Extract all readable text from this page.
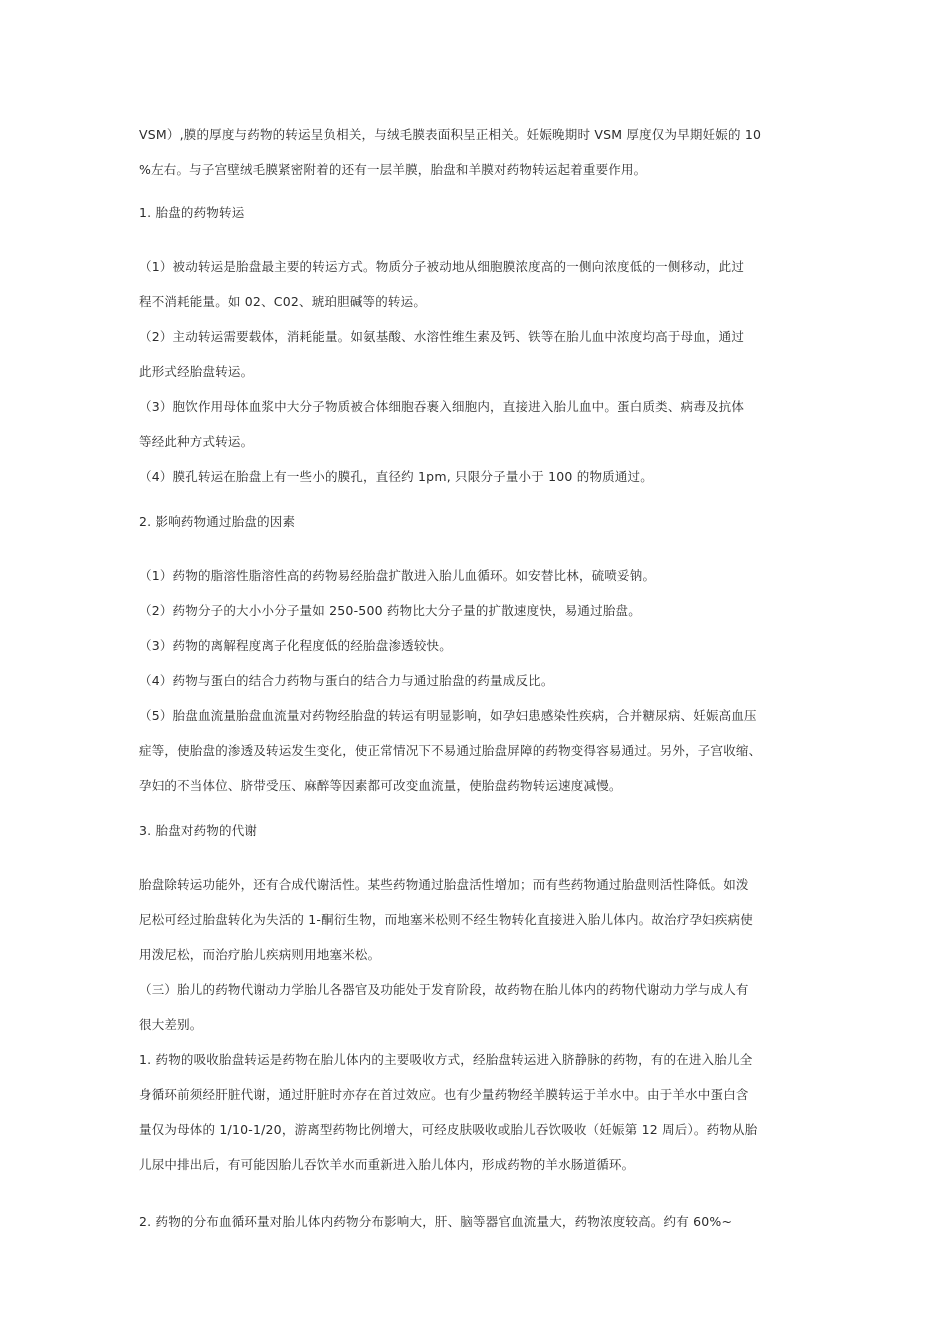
VSM）,膜的厚度与药物的转运呈负相关，与绒毛膜表面积呈正相关。妊娠晚期时 VSM 厚度仅为早期妊娠的 10
%左右。与子宫壁绒毛膜紧密附着的还有一层羊膜，胎盘和羊膜对药物转运起着重要作用。
1. 胎盘的药物转运
（1）被动转运是胎盘最主要的转运方式。物质分子被动地从细胞膜浓度高的一侧向浓度低的一侧移动，此过
程不消耗能量。如 02、C02、琥珀胆碱等的转运。
（2）主动转运需要载体，消耗能量。如氨基酸、水溶性维生素及钙、铁等在胎儿血中浓度均高于母血，通过
此形式经胎盘转运。
（3）胞饮作用母体血浆中大分子物质被合体细胞吞裹入细胞内，直接进入胎儿血中。蛋白质类、病毒及抗体
等经此种方式转运。
（4）膜孔转运在胎盘上有一些小的膜孔，直径约 1pm, 只限分子量小于 100 的物质通过。
2. 影响药物通过胎盘的因素
（1）药物的脂溶性脂溶性高的药物易经胎盘扩散进入胎儿血循环。如安替比林，硫喷妥钠。
（2）药物分子的大小小分子量如 250-500 药物比大分子量的扩散速度快，易通过胎盘。
（3）药物的离解程度离子化程度低的经胎盘渗透较快。
（4）药物与蛋白的结合力药物与蛋白的结合力与通过胎盘的药量成反比。
（5）胎盘血流量胎盘血流量对药物经胎盘的转运有明显影响，如孕妇患感染性疾病，合并糖尿病、妊娠高血压
症等，使胎盘的渗透及转运发生变化，使正常情况下不易通过胎盘屏障的药物变得容易通过。另外，子宫收缩、
孕妇的不当体位、脐带受压、麻醉等因素都可改变血流量，使胎盘药物转运速度减慢。
3. 胎盘对药物的代谢
胎盘除转运功能外，还有合成代谢活性。某些药物通过胎盘活性增加；而有些药物通过胎盘则活性降低。如泼
尼松可经过胎盘转化为失活的 1-酮衍生物，而地塞米松则不经生物转化直接进入胎儿体内。故治疗孕妇疾病使
用泼尼松，而治疗胎儿疾病则用地塞米松。
（三）胎儿的药物代谢动力学胎儿各器官及功能处于发育阶段，故药物在胎儿体内的药物代谢动力学与成人有
很大差别。
1. 药物的吸收胎盘转运是药物在胎儿体内的主要吸收方式，经胎盘转运进入脐静脉的药物，有的在进入胎儿全
身循环前须经肝脏代谢，通过肝脏时亦存在首过效应。也有少量药物经羊膜转运于羊水中。由于羊水中蛋白含
量仅为母体的 1/10-1/20，游离型药物比例增大，可经皮肤吸收或胎儿吞饮吸收（妊娠第 12 周后）。药物从胎
儿尿中排出后，有可能因胎儿吞饮羊水而重新进入胎儿体内，形成药物的羊水肠道循环。
2. 药物的分布血循环量对胎儿体内药物分布影响大，肝、脑等器官血流量大，药物浓度较高。约有 60%~
